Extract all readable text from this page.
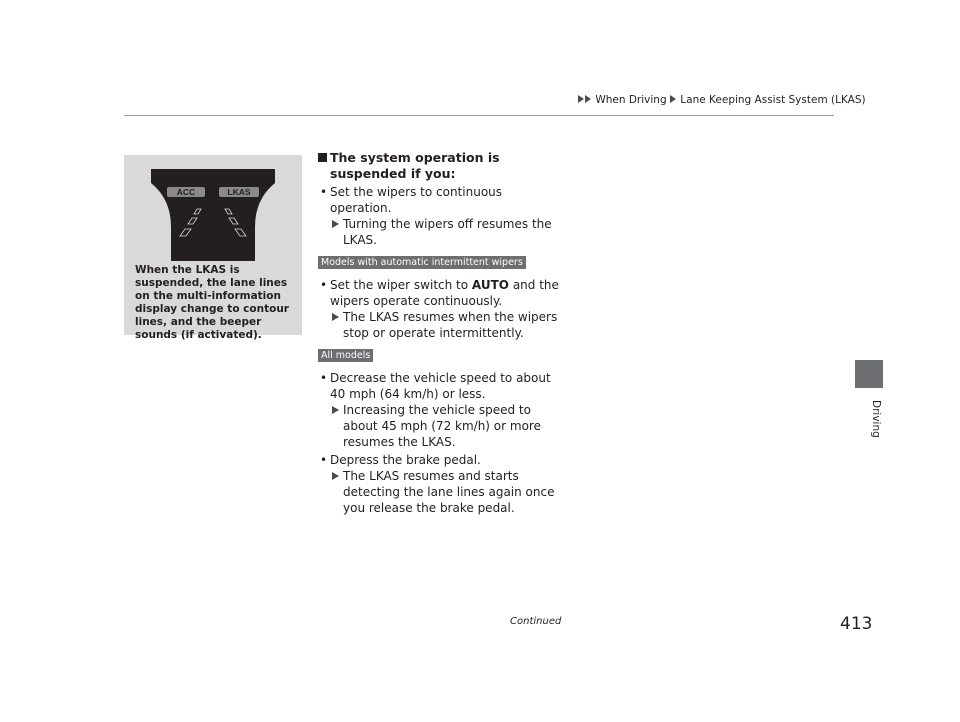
When Driving Lane Keeping Assist System (LKAS)
Driving
ACC	LKAS
When the LKAS is suspended, the lane lines on the multi-information display change to contour lines, and the beeper sounds (if activated).
The system operation is suspended if you:
• Set the wipers to continuous operation.
Turning the wipers off resumes the LKAS.
Models with automatic intermittent wipers
• Set the wiper switch to AUTO and the wipers operate continuously.
The LKAS resumes when the wipers stop or operate intermittently.
All models
• Decrease the vehicle speed to about 40 mph (64 km/h) or less.
Increasing the vehicle speed to about 45 mph (72 km/h) or more resumes the LKAS.
• Depress the brake pedal.
The LKAS resumes and starts detecting the lane lines again once you release the brake pedal.
Continued	413
